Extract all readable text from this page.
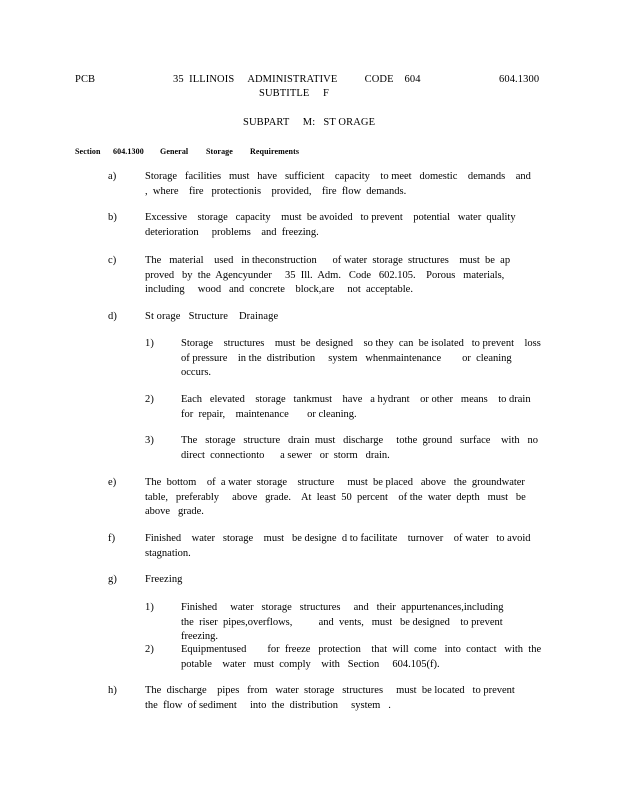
PCB	35  ILLINOIS     ADMINISTRATIVE          CODE    604
SUBTITLE     F
604.1300
SUBPART     M:   ST ORAGE
Section 604.1300 General Storage Requirements
a)	Storage   facilities   must   have   sufficient    capacity    to meet   domestic    demands    and ,  where    fire   protectionis    provided,    fire  flow  demands.
b)	Excessive    storage   capacity    must  be avoided   to prevent    potential   water  quality   deterioration     problems    and  freezing.
c)	The   material    used   in theconstruction      of water  storage  structures    must  be  ap proved   by  the  Agencyunder     35  Ill.  Adm.   Code   602.105.    Porous   materials,  including     wood   and  concrete    block,are     not  acceptable.
d)	St orage   Structure    Drainage
1)	Storage    structures    must  be  designed    so they  can  be isolated   to prevent    loss  of pressure    in the  distribution     system   whenmaintenance        or  cleaning  occurs.
2)	Each   elevated    storage   tankmust    have   a hydrant    or other   means    to drain   for  repair,    maintenance       or cleaning.
3)	The   storage   structure   drain  must   discharge     tothe  ground   surface    with   no  direct  connectionto      a sewer   or  storm   drain.
e)	The  bottom    of  a water  storage    structure     must  be placed   above   the  groundwater   table,   preferably     above   grade.    At  least  50  percent    of the  water  depth   must   be  above   grade.
f)	Finished    water   storage    must   be designe  d to facilitate    turnover    of water   to avoid  stagnation.
g)	Freezing
1)	Finished     water   storage   structures     and   their  appurtenances,including           the  riser  pipes,overflows,          and  vents,   must   be designed    to prevent   freezing.
2)	Equipmentused        for  freeze   protection    that  will  come   into  contact   with  the  potable    water   must  comply    with   Section     604.105(f).
h)	The  discharge    pipes   from   water  storage   structures     must  be located   to prevent     the  flow  of sediment     into  the  distribution     system   .
